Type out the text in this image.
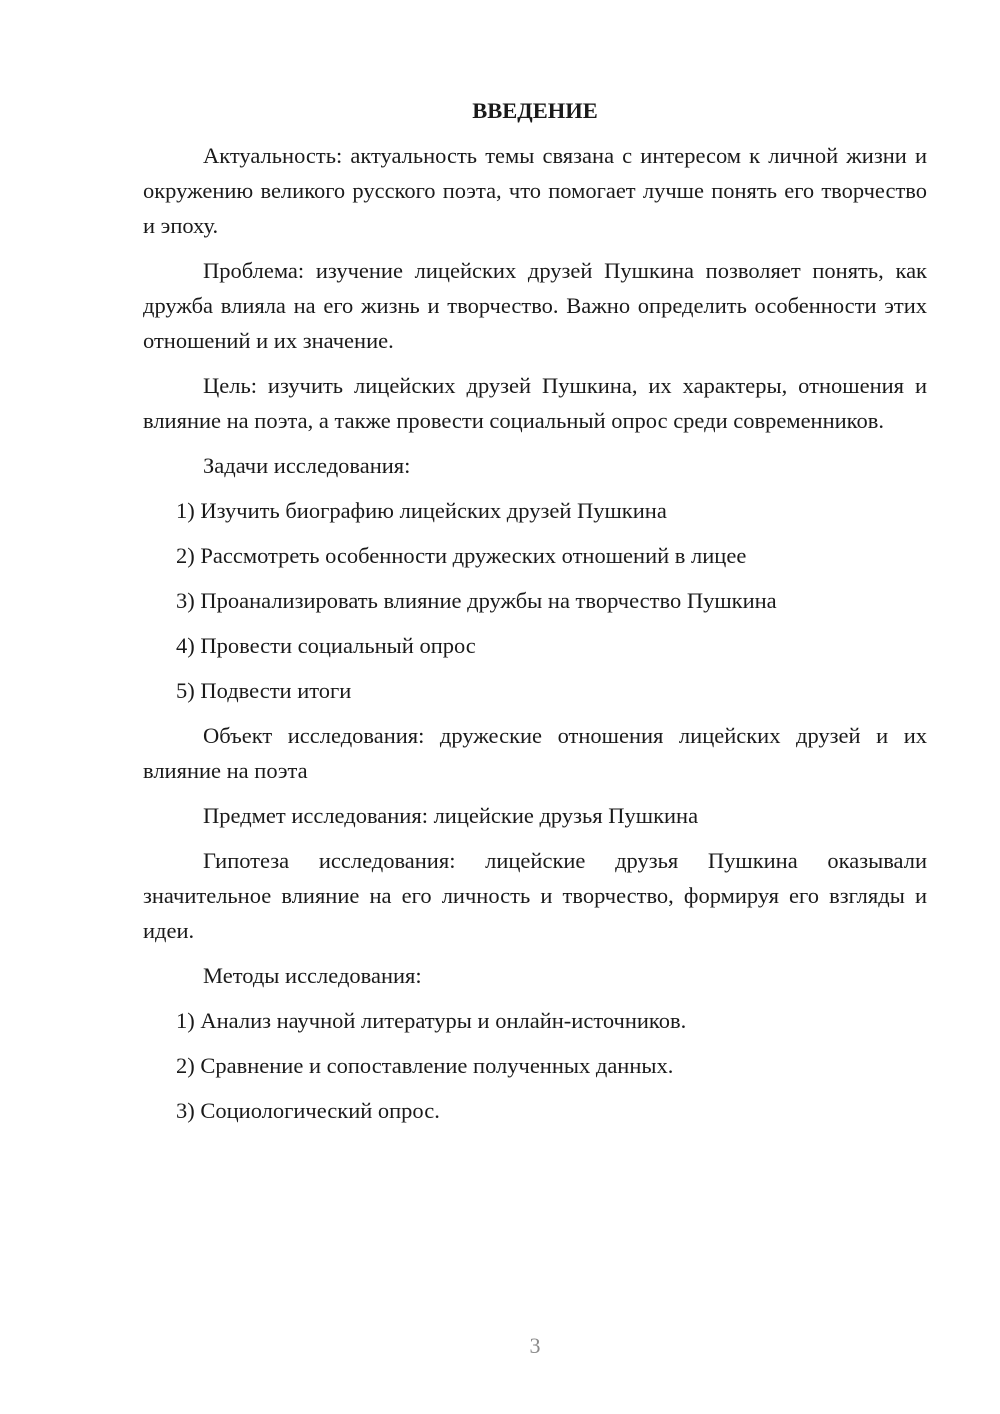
ВВЕДЕНИЕ

Актуальность: актуальность темы связана с интересом к личной жизни и окружению великого русского поэта, что помогает лучше понять его творчество и эпоху.

Проблема: изучение лицейских друзей Пушкина позволяет понять, как дружба влияла на его жизнь и творчество. Важно определить особенности этих отношений и их значение.

Цель: изучить лицейских друзей Пушкина, их характеры, отношения и влияние на поэта, а также провести социальный опрос среди современников.

Задачи исследования:

1) Изучить биографию лицейских друзей Пушкина
2) Рассмотреть особенности дружеских отношений в лицее
3) Проанализировать влияние дружбы на творчество Пушкина
4) Провести социальный опрос
5) Подвести итоги

Объект исследования: дружеские отношения лицейских друзей и их влияние на поэта

Предмет исследования: лицейские друзья Пушкина

Гипотеза исследования: лицейские друзья Пушкина оказывали значительное влияние на его личность и творчество, формируя его взгляды и идеи.

Методы исследования:

1) Анализ научной литературы и онлайн-источников.
2) Сравнение и сопоставление полученных данных.
3) Социологический опрос.
3
